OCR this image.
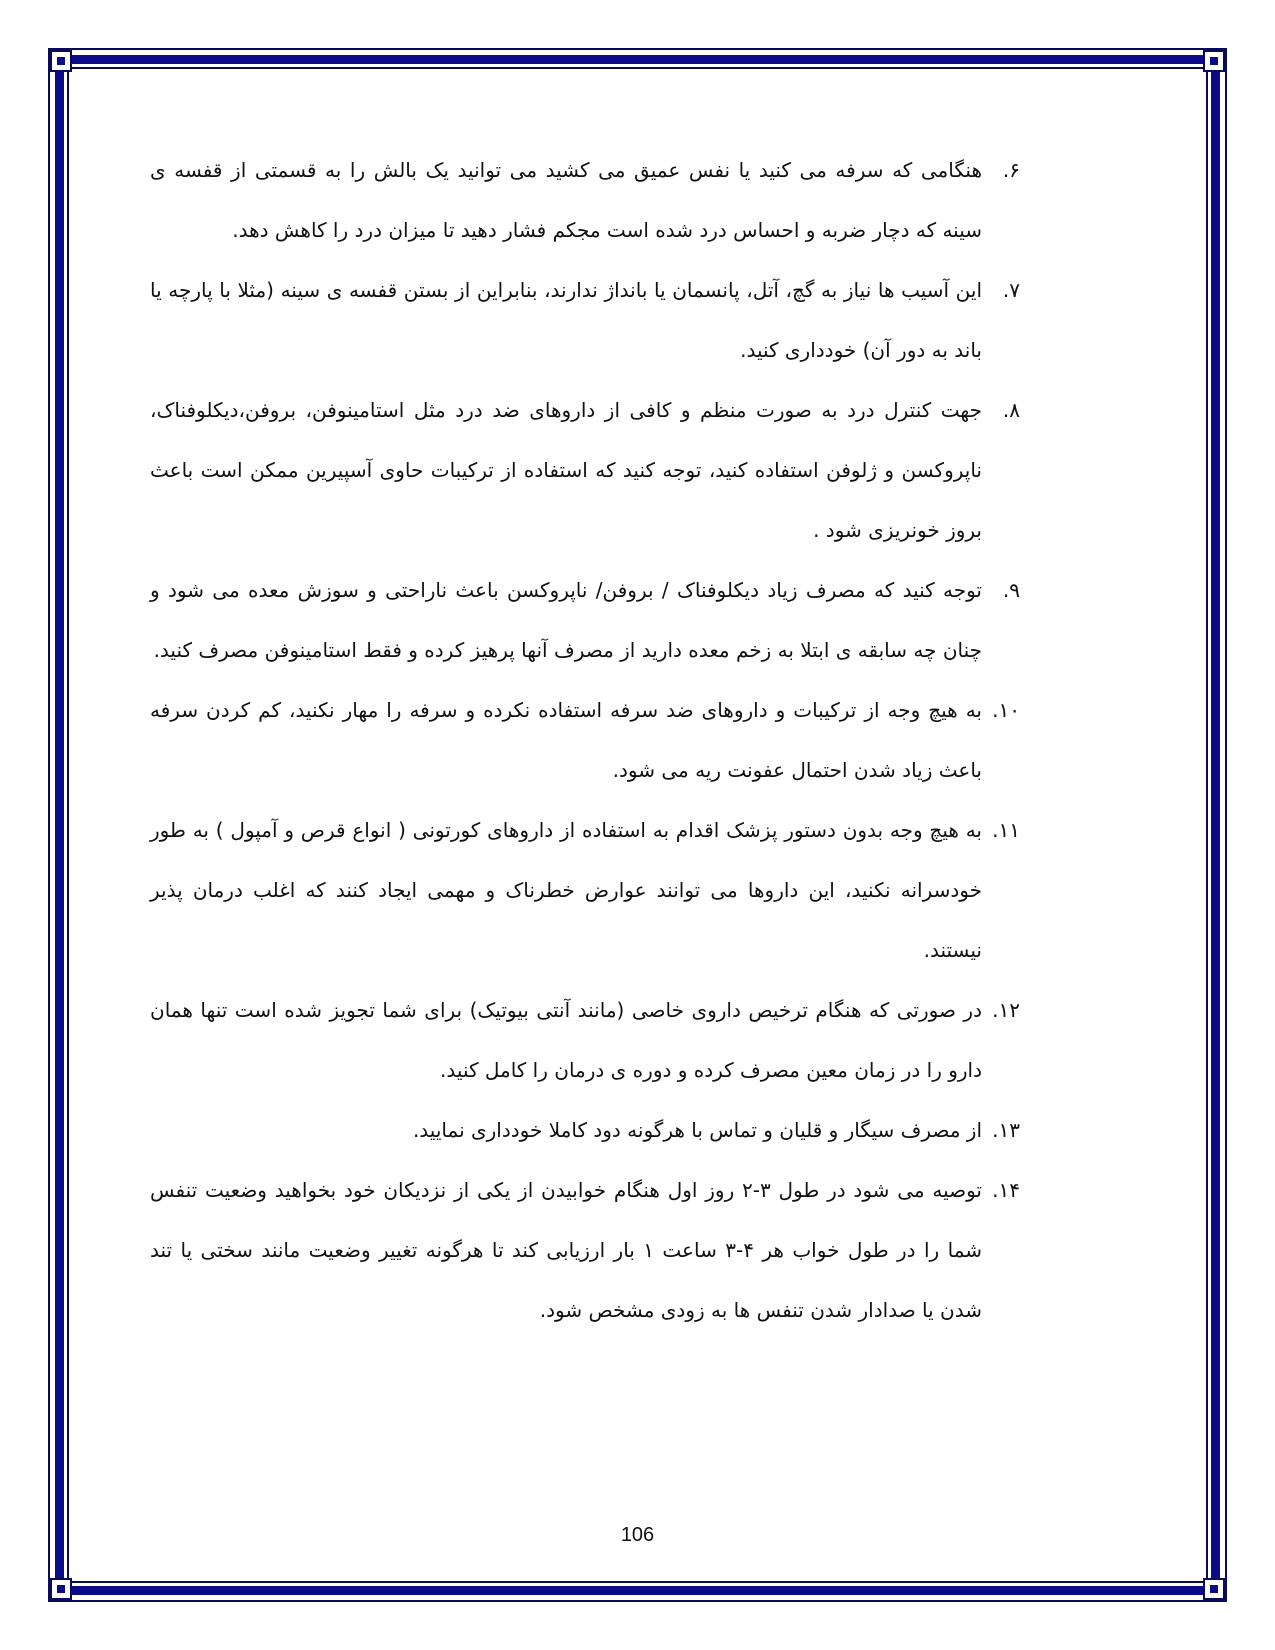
۶.
هنگامی که سرفه می کنید یا نفس عمیق می کشید می توانید یک بالش را به قسمتی از قفسه ی سینه که دچار ضربه و احساس درد شده است مجکم فشار دهید تا میزان درد را کاهش دهد.

۷.
این آسیب ها نیاز به گچ، آتل، پانسمان یا بانداژ ندارند، بنابراین از بستن قفسه ی سینه (مثلا با پارچه یا باند به دور آن) خودداری کنید.

۸.
جهت کنترل درد به صورت منظم و کافی از داروهای ضد درد مثل استامینوفن، بروفن،دیکلوفناک، ناپروکسن و ژلوفن استفاده کنید، توجه کنید که استفاده از ترکیبات حاوی آسپیرین ممکن است باعث بروز خونریزی شود .

۹.
توجه کنید که مصرف زیاد دیکلوفناک / بروفن/ ناپروکسن باعث ناراحتی و سوزش معده می شود و چنان چه سابقه ی ابتلا به زخم معده دارید از مصرف آنها پرهیز کرده و فقط استامینوفن مصرف کنید.

۱۰.
به هیچ وجه از ترکیبات و داروهای ضد سرفه استفاده نکرده و سرفه را مهار نکنید، کم کردن سرفه باعث زیاد شدن احتمال عفونت ریه می شود.

۱۱.
به هیچ وجه بدون دستور پزشک اقدام به استفاده از داروهای کورتونی ( انواع قرص و آمپول ) به طور خودسرانه نکنید، این داروها می توانند عوارض خطرناک و مهمی ایجاد کنند که اغلب درمان پذیر نیستند.

۱۲.
در صورتی که هنگام ترخیص داروی خاصی (مانند آنتی بیوتیک) برای شما تجویز شده است تنها همان دارو را در زمان معین مصرف کرده و دوره ی درمان را کامل کنید.

۱۳.
از مصرف سیگار و قلیان و تماس با هرگونه دود کاملا خودداری نمایید.

۱۴.
توصیه می شود در طول ۳-۲ روز اول هنگام خوابیدن از یکی از نزدیکان خود بخواهید وضعیت تنفس شما را در طول خواب هر ۴-۳ ساعت ۱ بار ارزیابی کند تا هرگونه تغییر وضعیت مانند سختی یا تند شدن یا صدادار شدن تنفس ها به زودی مشخص شود.

106
